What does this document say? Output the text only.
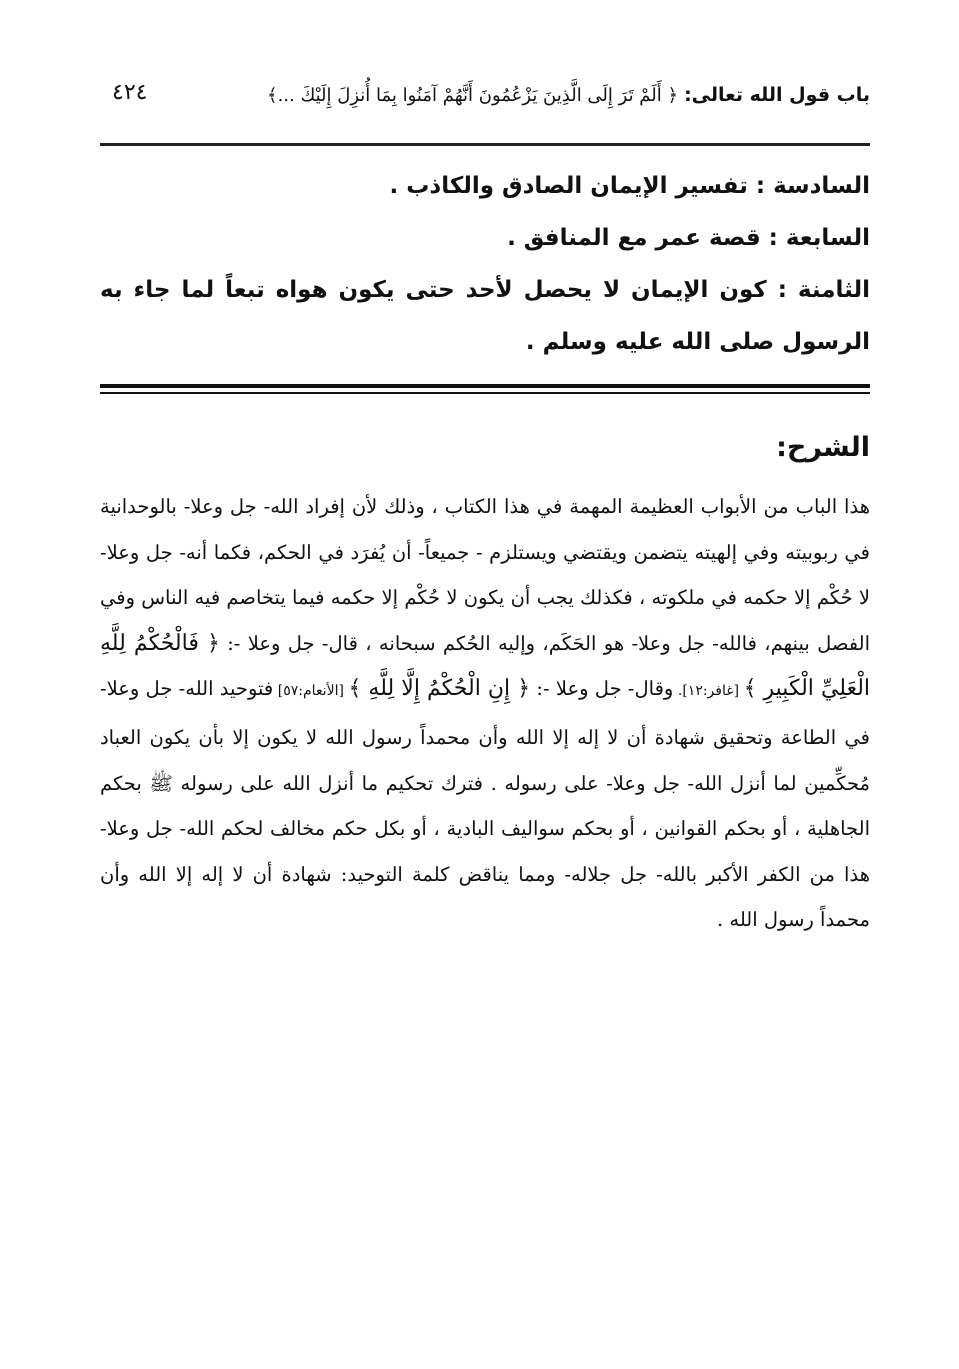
باب قول الله تعالى: ﴿ أَلَمْ تَرَ إِلَى الَّذِينَ يَزْعُمُونَ أَنَّهُمْ آمَنُوا بِمَا أُنزِلَ إِلَيْكَ ...﴾
٤٢٤

السادسة : تفسير الإيمان الصادق والكاذب .

السابعة : قصة عمر مع المنافق .

الثامنة : كون الإيمان لا يحصل لأحد حتى يكون هواه تبعاً لما جاء به الرسول صلى الله عليه وسلم .

الشرح:

هذا الباب من الأبواب العظيمة المهمة في هذا الكتاب ، وذلك لأن إفراد الله- جل وعلا- بالوحدانية في ربوبيته وفي إلهيته يتضمن ويقتضي ويستلزم - جميعاً- أن يُفرَد في الحكم، فكما أنه- جل وعلا- لا حُكْم إلا حكمه في ملكوته ، فكذلك يجب أن يكون لا حُكْم إلا حكمه فيما يتخاصم فيه الناس وفي الفصل بينهم، فالله- جل وعلا- هو الحَكَم، وإليه الحُكم سبحانه ، قال- جل وعلا -: ﴿ فَالْحُكْمُ لِلَّهِ الْعَلِيِّ الْكَبِيرِ ﴾ [غافر:١٢]. وقال- جل وعلا -: ﴿ إِنِ الْحُكْمُ إِلَّا لِلَّهِ ﴾ [الأنعام:٥٧] فتوحيد الله- جل وعلا- في الطاعة وتحقيق شهادة أن لا إله إلا الله وأن محمداً رسول الله لا يكون إلا بأن يكون العباد مُحكِّمين لما أنزل الله- جل وعلا- على رسوله . فترك تحكيم ما أنزل الله على رسوله ﷺ بحكم الجاهلية ، أو بحكم القوانين ، أو بحكم سواليف البادية ، أو بكل حكم مخالف لحكم الله- جل وعلا- هذا من الكفر الأكبر بالله- جل جلاله- ومما يناقض كلمة التوحيد: شهادة أن لا إله إلا الله وأن محمداً رسول الله .
